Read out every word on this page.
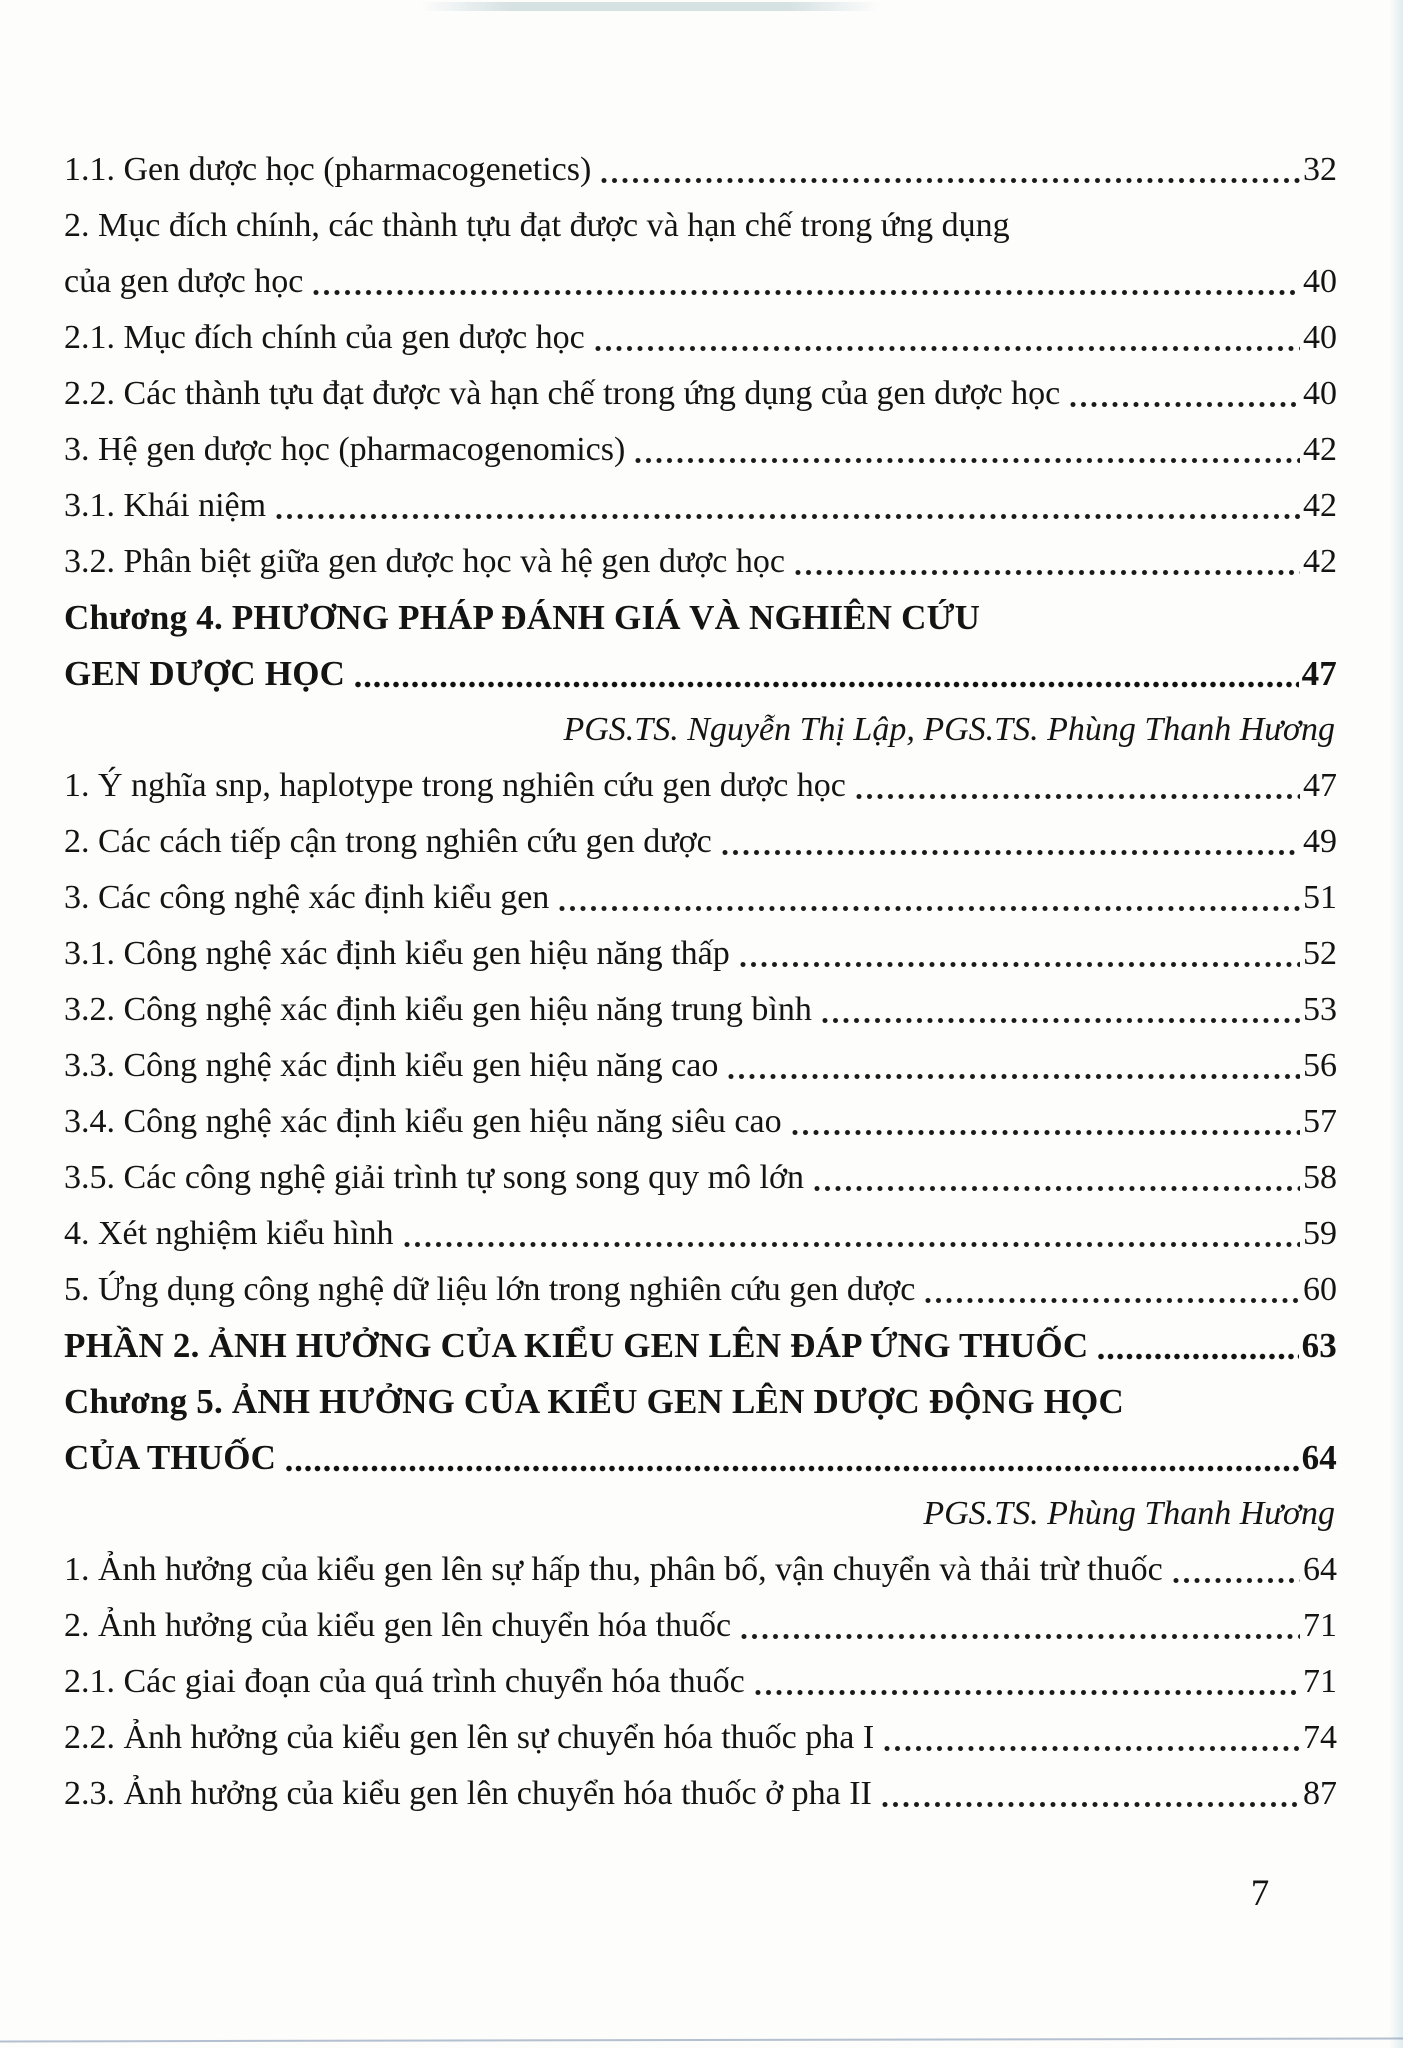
1.1. Gen dược học (pharmacogenetics)	32
2. Mục đích chính, các thành tựu đạt được và hạn chế trong ứng dụng
của gen dược học	40
2.1. Mục đích chính của gen dược học	40
2.2. Các thành tựu đạt được và hạn chế trong ứng dụng của gen dược học	40
3. Hệ gen dược học (pharmacogenomics)	42
3.1. Khái niệm	42
3.2. Phân biệt giữa gen dược học và hệ gen dược học	42
Chương 4. PHƯƠNG PHÁP ĐÁNH GIÁ VÀ NGHIÊN CỨU
GEN DƯỢC HỌC	47
PGS.TS. Nguyễn Thị Lập, PGS.TS. Phùng Thanh Hương
1. Ý nghĩa snp, haplotype trong nghiên cứu gen dược học	47
2. Các cách tiếp cận trong nghiên cứu gen dược	49
3. Các công nghệ xác định kiểu gen	51
3.1. Công nghệ xác định kiểu gen hiệu năng thấp	52
3.2. Công nghệ xác định kiểu gen hiệu năng trung bình	53
3.3. Công nghệ xác định kiểu gen hiệu năng cao	56
3.4. Công nghệ xác định kiểu gen hiệu năng siêu cao	57
3.5. Các công nghệ giải trình tự song song quy mô lớn	58
4. Xét nghiệm kiểu hình	59
5. Ứng dụng công nghệ dữ liệu lớn trong nghiên cứu gen dược	60
PHẦN 2. ẢNH HƯỞNG CỦA KIỂU GEN LÊN ĐÁP ỨNG THUỐC	63
Chương 5. ẢNH HƯỞNG CỦA KIỂU GEN LÊN DƯỢC ĐỘNG HỌC
CỦA THUỐC	64
PGS.TS. Phùng Thanh Hương
1. Ảnh hưởng của kiểu gen lên sự hấp thu, phân bố, vận chuyển và thải trừ thuốc	64
2. Ảnh hưởng của kiểu gen lên chuyển hóa thuốc	71
2.1. Các giai đoạn của quá trình chuyển hóa thuốc	71
2.2. Ảnh hưởng của kiểu gen lên sự chuyển hóa thuốc pha I	74
2.3. Ảnh hưởng của kiểu gen lên chuyển hóa thuốc ở pha II	87
7
